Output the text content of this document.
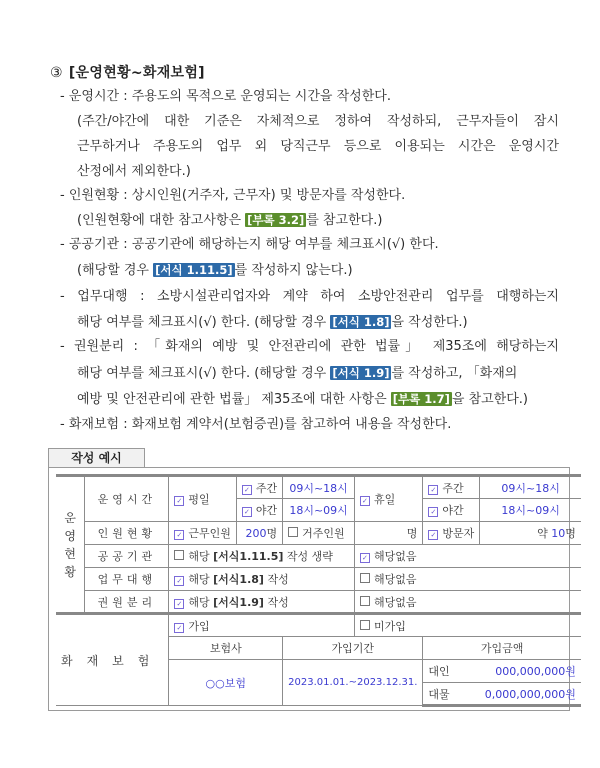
③ [운영현황~화재보험]
- 운영시간 : 주용도의 목적으로 운영되는 시간을 작성한다.
(주간/야간에 대한 기준은 자체적으로 정하여 작성하되, 근무자들이 잠시
근무하거나 주용도의 업무 외 당직근무 등으로 이용되는 시간은 운영시간
산정에서 제외한다.)
- 인원현황 : 상시인원(거주자, 근무자) 및 방문자를 작성한다.
(인원현황에 대한 참고사항은 [부록 3.2] 를 참고한다.)
- 공공기관 : 공공기관에 해당하는지 해당 여부를 체크표시(√) 한다.
(해당할 경우 [서식 1.11.5] 를 작성하지 않는다.)
- 업무대행 : 소방시설관리업자와 계약 하여 소방안전관리 업무를 대행하는지
해당 여부를 체크표시(√) 한다. (해당할 경우 [서식 1.8] 을 작성한다.)
- 권원분리 : 「화재의 예방 및 안전관리에 관한 법률」 제35조에 해당하는지
해당 여부를 체크표시(√) 한다. (해당할 경우 [서식 1.9] 를 작성하고, 「화재의
예방 및 안전관리에 관한 법률」 제35조에 대한 사항은 [부록 1.7] 을 참고한다.)
- 화재보험 : 화재보험 계약서(보험증권)를 참고하여 내용을 작성한다.
작성 예시
운
영
현
황	운영시간	✓ 평일	✓ 주간	09시~18시	✓ 휴일	✓ 주간	09시~18시
			✓ 야간	18시~09시		✓ 야간	18시~09시
	인원현황	✓ 근무인원	200명	거주인원	명	✓ 방문자	약 10명
	공공기관	해당 [서식1.11.5] 작성 생략			✓ 해당없음		
	업무대행	✓ 해당 [서식1.8] 작성			해당없음		
	권원분리	✓ 해당 [서식1.9] 작성			해당없음		
화재보험		✓ 가입			미가입		
		보험사		가입기간		가입금액	
		○○보험		2023.01.01.~2023.12.31.		대인	000,000,000원
						대물	0,000,000,000원
